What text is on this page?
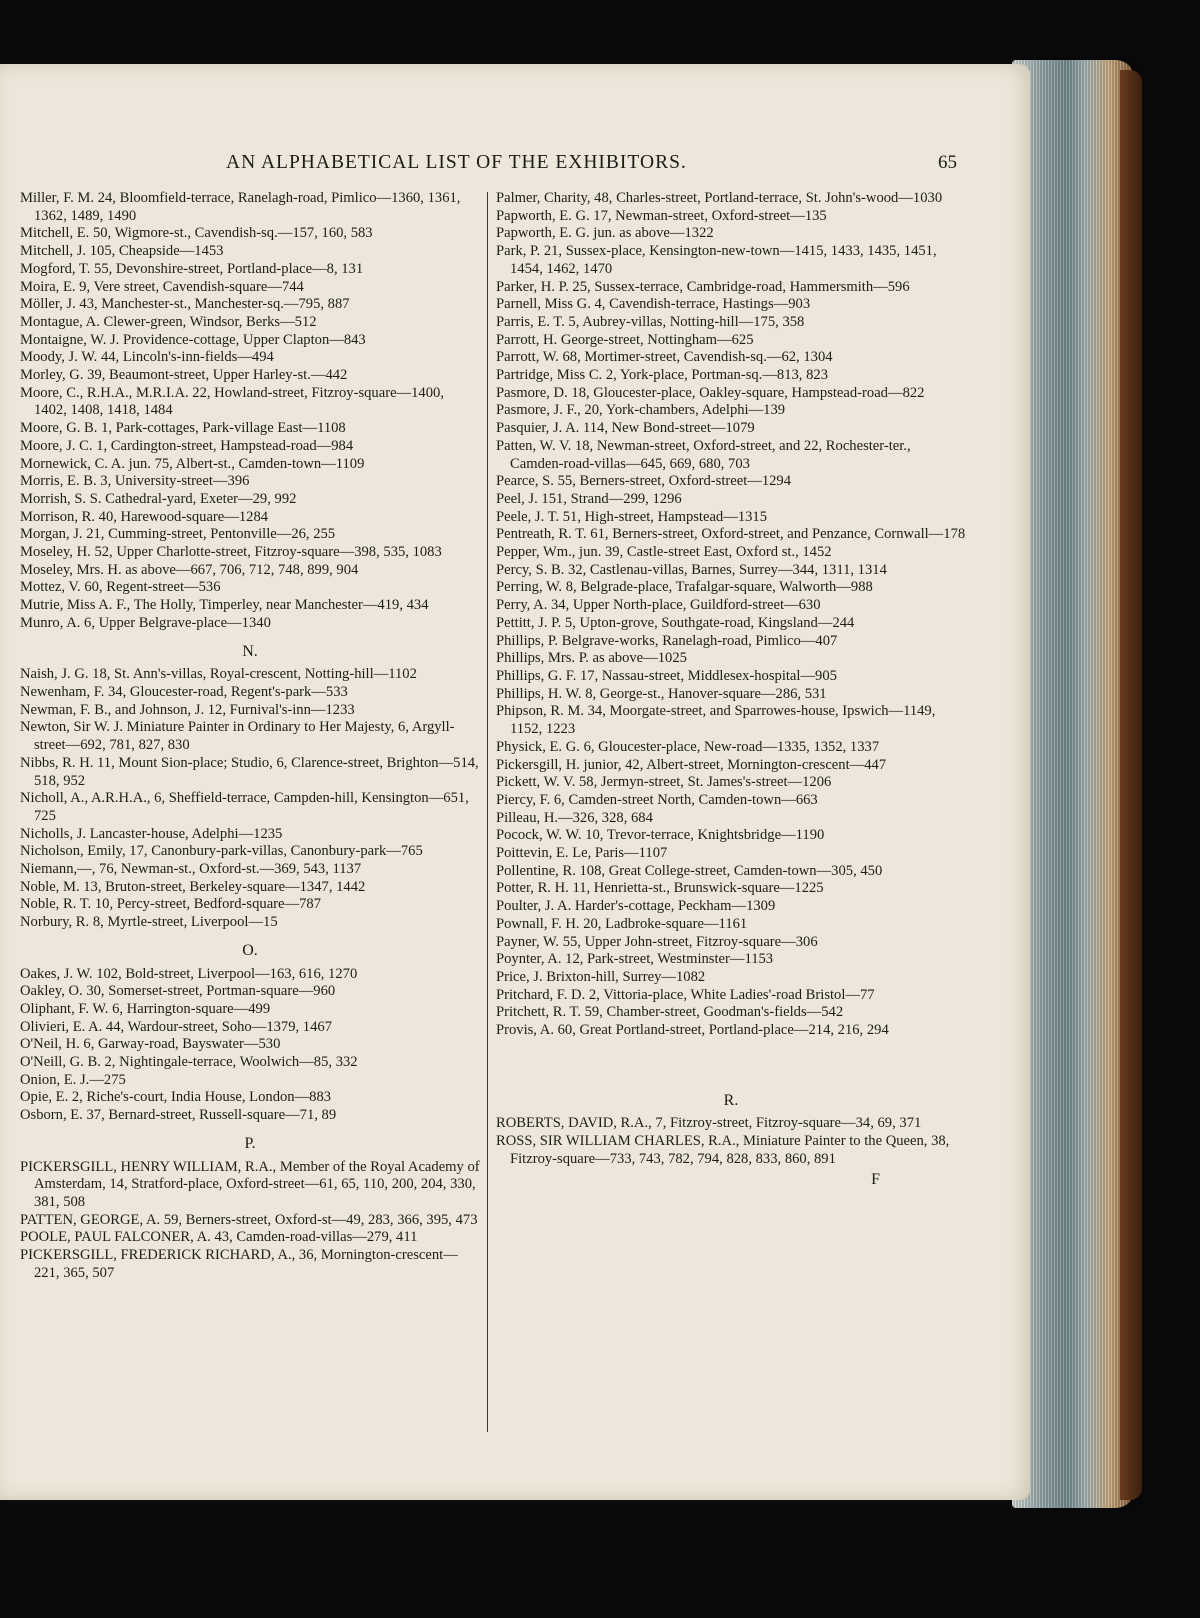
AN ALPHABETICAL LIST OF THE EXHIBITORS.	65

Miller, F. M. 24, Bloomfield-terrace, Ranelagh-road, Pimlico—1360, 1361, 1362, 1489, 1490

Mitchell, E. 50, Wigmore-st., Cavendish-sq.—157, 160, 583

Mitchell, J. 105, Cheapside—1453

Mogford, T. 55, Devonshire-street, Portland-place—8, 131

Moira, E. 9, Vere street, Cavendish-square—744

Möller, J. 43, Manchester-st., Manchester-sq.—795, 887

Montague, A. Clewer-green, Windsor, Berks—512

Montaigne, W. J. Providence-cottage, Upper Clapton—843

Moody, J. W. 44, Lincoln's-inn-fields—494

Morley, G. 39, Beaumont-street, Upper Harley-st.—442

Moore, C., R.H.A., M.R.I.A. 22, Howland-street, Fitzroy-square—1400, 1402, 1408, 1418, 1484

Moore, G. B. 1, Park-cottages, Park-village East—1108

Moore, J. C. 1, Cardington-street, Hampstead-road—984

Mornewick, C. A. jun. 75, Albert-st., Camden-town—1109

Morris, E. B. 3, University-street—396

Morrish, S. S. Cathedral-yard, Exeter—29, 992

Morrison, R. 40, Harewood-square—1284

Morgan, J. 21, Cumming-street, Pentonville—26, 255

Moseley, H. 52, Upper Charlotte-street, Fitzroy-square—398, 535, 1083

Moseley, Mrs. H. as above—667, 706, 712, 748, 899, 904

Mottez, V. 60, Regent-street—536

Mutrie, Miss A. F., The Holly, Timperley, near Manchester—419, 434

Munro, A. 6, Upper Belgrave-place—1340

N.

Naish, J. G. 18, St. Ann's-villas, Royal-crescent, Notting-hill—1102

Newenham, F. 34, Gloucester-road, Regent's-park—533

Newman, F. B., and Johnson, J. 12, Furnival's-inn—1233

Newton, Sir W. J. Miniature Painter in Ordinary to Her Majesty, 6, Argyll-street—692, 781, 827, 830

Nibbs, R. H. 11, Mount Sion-place; Studio, 6, Clarence-street, Brighton—514, 518, 952

Nicholl, A., A.R.H.A., 6, Sheffield-terrace, Campden-hill, Kensington—651, 725

Nicholls, J. Lancaster-house, Adelphi—1235

Nicholson, Emily, 17, Canonbury-park-villas, Canonbury-park—765

Niemann,—, 76, Newman-st., Oxford-st.—369, 543, 1137

Noble, M. 13, Bruton-street, Berkeley-square—1347, 1442

Noble, R. T. 10, Percy-street, Bedford-square—787

Norbury, R. 8, Myrtle-street, Liverpool—15

O.

Oakes, J. W. 102, Bold-street, Liverpool—163, 616, 1270

Oakley, O. 30, Somerset-street, Portman-square—960

Oliphant, F. W. 6, Harrington-square—499

Olivieri, E. A. 44, Wardour-street, Soho—1379, 1467

O'Neil, H. 6, Garway-road, Bayswater—530

O'Neill, G. B. 2, Nightingale-terrace, Woolwich—85, 332

Onion, E. J.—275

Opie, E. 2, Riche's-court, India House, London—883

Osborn, E. 37, Bernard-street, Russell-square—71, 89

P.

PICKERSGILL, HENRY WILLIAM, R.A., Member of the Royal Academy of Amsterdam, 14, Stratford-place, Oxford-street—61, 65, 110, 200, 204, 330, 381, 508

PATTEN, GEORGE, A. 59, Berners-street, Oxford-st—49, 283, 366, 395, 473

POOLE, PAUL FALCONER, A. 43, Camden-road-villas—279, 411

PICKERSGILL, FREDERICK RICHARD, A., 36, Mornington-crescent—221, 365, 507

Palmer, Charity, 48, Charles-street, Portland-terrace, St. John's-wood—1030

Papworth, E. G. 17, Newman-street, Oxford-street—135

Papworth, E. G. jun. as above—1322

Park, P. 21, Sussex-place, Kensington-new-town—1415, 1433, 1435, 1451, 1454, 1462, 1470

Parker, H. P. 25, Sussex-terrace, Cambridge-road, Hammersmith—596

Parnell, Miss G. 4, Cavendish-terrace, Hastings—903

Parris, E. T. 5, Aubrey-villas, Notting-hill—175, 358

Parrott, H. George-street, Nottingham—625

Parrott, W. 68, Mortimer-street, Cavendish-sq.—62, 1304

Partridge, Miss C. 2, York-place, Portman-sq.—813, 823

Pasmore, D. 18, Gloucester-place, Oakley-square, Hampstead-road—822

Pasmore, J. F., 20, York-chambers, Adelphi—139

Pasquier, J. A. 114, New Bond-street—1079

Patten, W. V. 18, Newman-street, Oxford-street, and 22, Rochester-ter., Camden-road-villas—645, 669, 680, 703

Pearce, S. 55, Berners-street, Oxford-street—1294

Peel, J. 151, Strand—299, 1296

Peele, J. T. 51, High-street, Hampstead—1315

Pentreath, R. T. 61, Berners-street, Oxford-street, and Penzance, Cornwall—178

Pepper, Wm., jun. 39, Castle-street East, Oxford st., 1452

Percy, S. B. 32, Castlenau-villas, Barnes, Surrey—344, 1311, 1314

Perring, W. 8, Belgrade-place, Trafalgar-square, Walworth—988

Perry, A. 34, Upper North-place, Guildford-street—630

Pettitt, J. P. 5, Upton-grove, Southgate-road, Kingsland—244

Phillips, P. Belgrave-works, Ranelagh-road, Pimlico—407

Phillips, Mrs. P. as above—1025

Phillips, G. F. 17, Nassau-street, Middlesex-hospital—905

Phillips, H. W. 8, George-st., Hanover-square—286, 531

Phipson, R. M. 34, Moorgate-street, and Sparrowes-house, Ipswich—1149, 1152, 1223

Physick, E. G. 6, Gloucester-place, New-road—1335, 1352, 1337

Pickersgill, H. junior, 42, Albert-street, Mornington-crescent—447

Pickett, W. V. 58, Jermyn-street, St. James's-street—1206

Piercy, F. 6, Camden-street North, Camden-town—663

Pilleau, H.—326, 328, 684

Pocock, W. W. 10, Trevor-terrace, Knightsbridge—1190

Poittevin, E. Le, Paris—1107

Pollentine, R. 108, Great College-street, Camden-town—305, 450

Potter, R. H. 11, Henrietta-st., Brunswick-square—1225

Poulter, J. A. Harder's-cottage, Peckham—1309

Pownall, F. H. 20, Ladbroke-square—1161

Payner, W. 55, Upper John-street, Fitzroy-square—306

Poynter, A. 12, Park-street, Westminster—1153

Price, J. Brixton-hill, Surrey—1082

Pritchard, F. D. 2, Vittoria-place, White Ladies'-road Bristol—77

Pritchett, R. T. 59, Chamber-street, Goodman's-fields—542

Provis, A. 60, Great Portland-street, Portland-place—214, 216, 294

R.

ROBERTS, DAVID, R.A., 7, Fitzroy-street, Fitzroy-square—34, 69, 371

ROSS, SIR WILLIAM CHARLES, R.A., Miniature Painter to the Queen, 38, Fitzroy-square—733, 743, 782, 794, 828, 833, 860, 891

F
